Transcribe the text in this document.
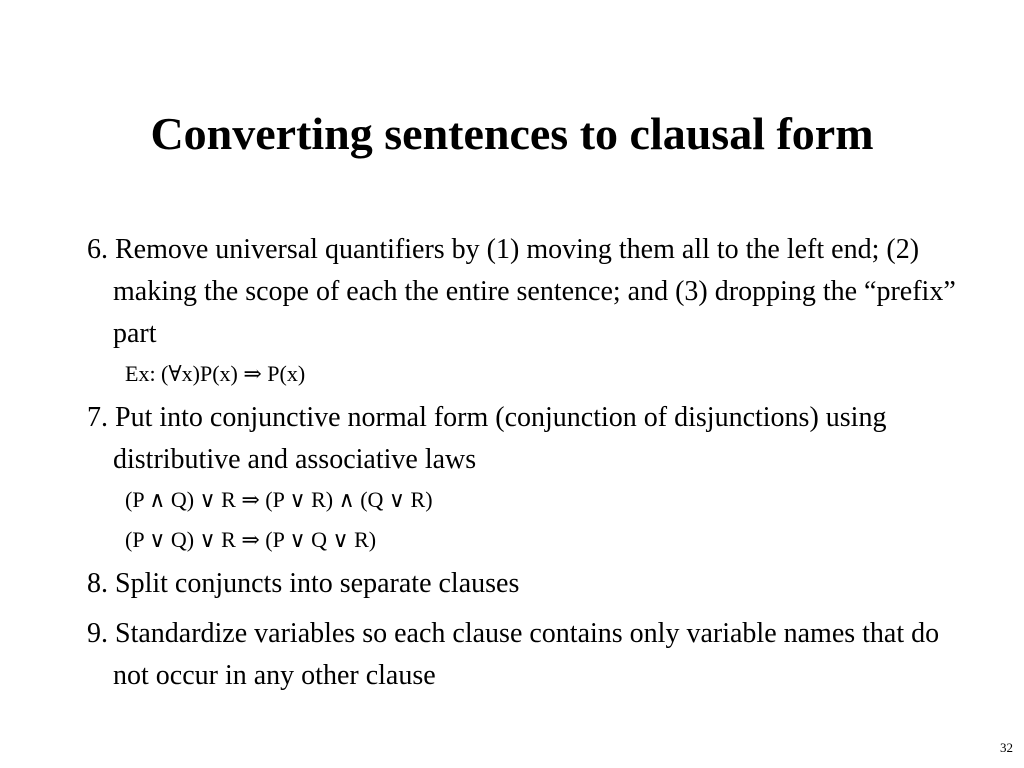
Converting sentences to clausal form

6. Remove universal quantifiers by (1) moving them all to the left end; (2) making the scope of each the entire sentence; and (3) dropping the “prefix” part

Ex: (∀x)P(x) ⇒ P(x)

7. Put into conjunctive normal form (conjunction of disjunctions) using distributive and associative laws

(P ∧ Q) ∨ R ⇒ (P ∨ R) ∧ (Q ∨ R)
(P ∨ Q) ∨ R ⇒ (P ∨ Q ∨ R)

8. Split conjuncts into separate clauses

9. Standardize variables so each clause contains only variable names that do not occur in any other clause

32
